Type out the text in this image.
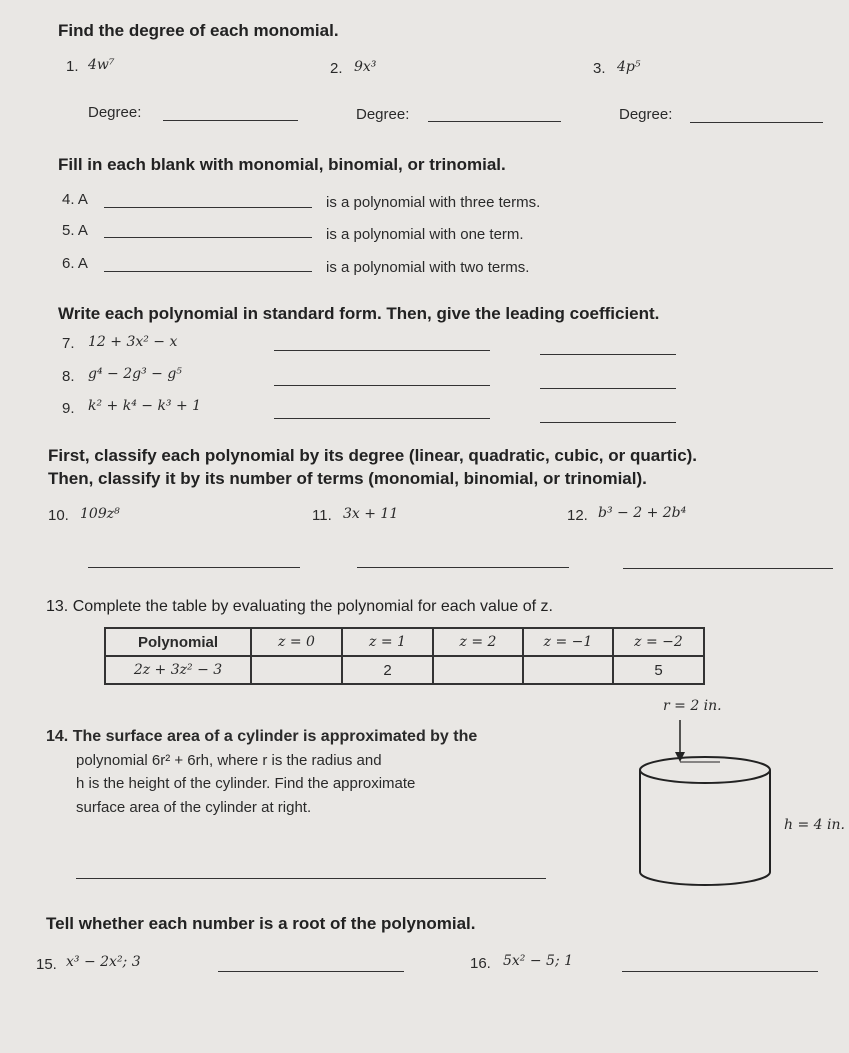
Find the degree of each monomial.
1. 4w⁷	2. 9x³	3. 4p⁵
Degree:	Degree:	Degree:
Fill in each blank with monomial, binomial, or trinomial.
4. A	is a polynomial with three terms.
5. A	is a polynomial with one term.
6. A	is a polynomial with two terms.
Write each polynomial in standard form. Then, give the leading coefficient.
7. 12 + 3x² − x
8. g⁴ − 2g³ − g⁵
9. k² + k⁴ − k³ + 1
First, classify each polynomial by its degree (linear, quadratic, cubic, or quartic).
Then, classify it by its number of terms (monomial, binomial, or trinomial).
10. 109z⁸	11. 3x + 11	12. b³ − 2 + 2b⁴
13. Complete the table by evaluating the polynomial for each value of z.
Polynomial	z = 0	z = 1	z = 2	z = −1	z = −2
2z + 3z² − 3		2			5
14. The surface area of a cylinder is approximated by the
polynomial 6r² + 6rh, where r is the radius and
h is the height of the cylinder. Find the approximate
surface area of the cylinder at right.
r = 2 in.
h = 4 in.
Tell whether each number is a root of the polynomial.
15. x³ − 2x²; 3	16. 5x² − 5; 1
